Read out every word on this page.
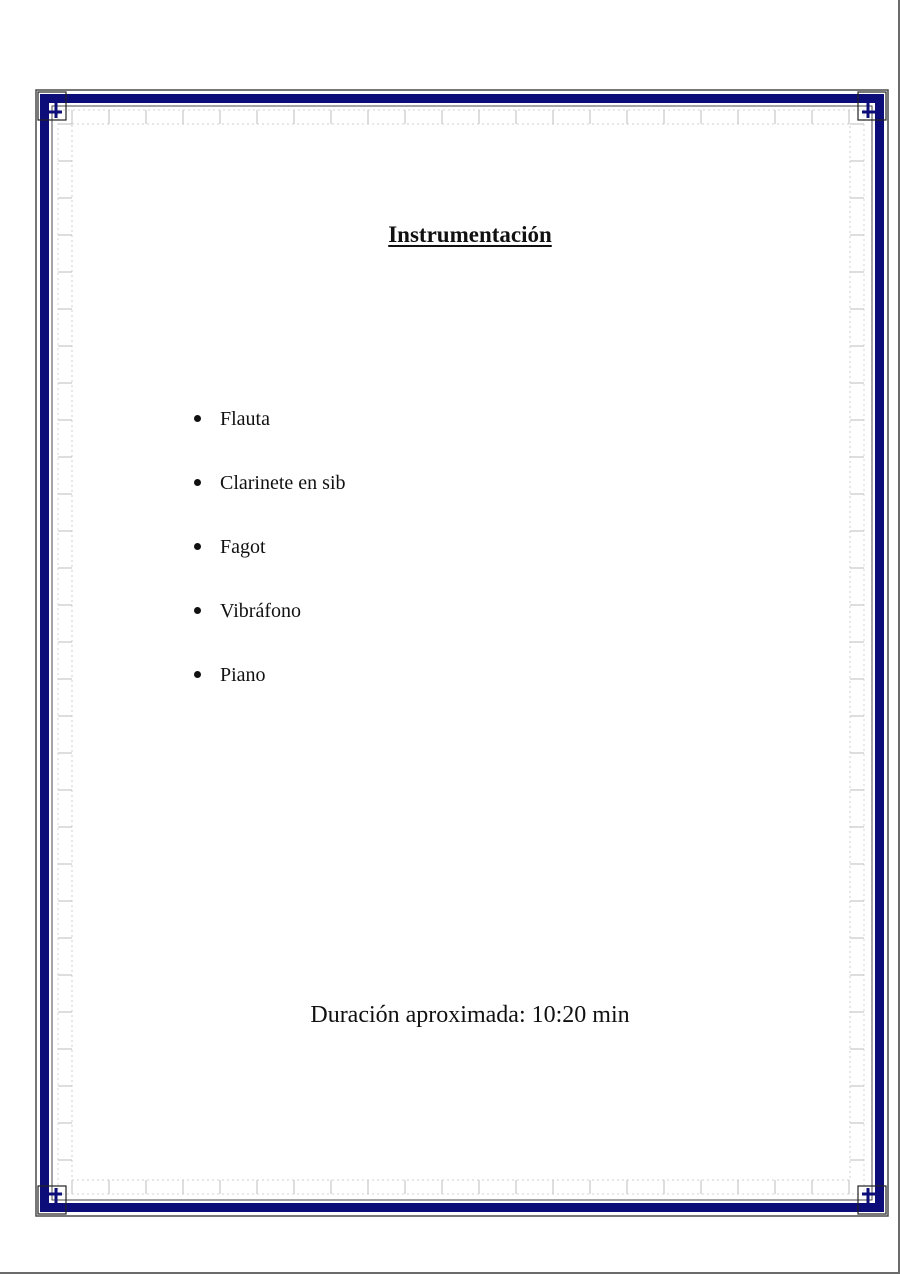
Instrumentación
Flauta
Clarinete en sib
Fagot
Vibráfono
Piano

Duración aproximada: 10:20 min
